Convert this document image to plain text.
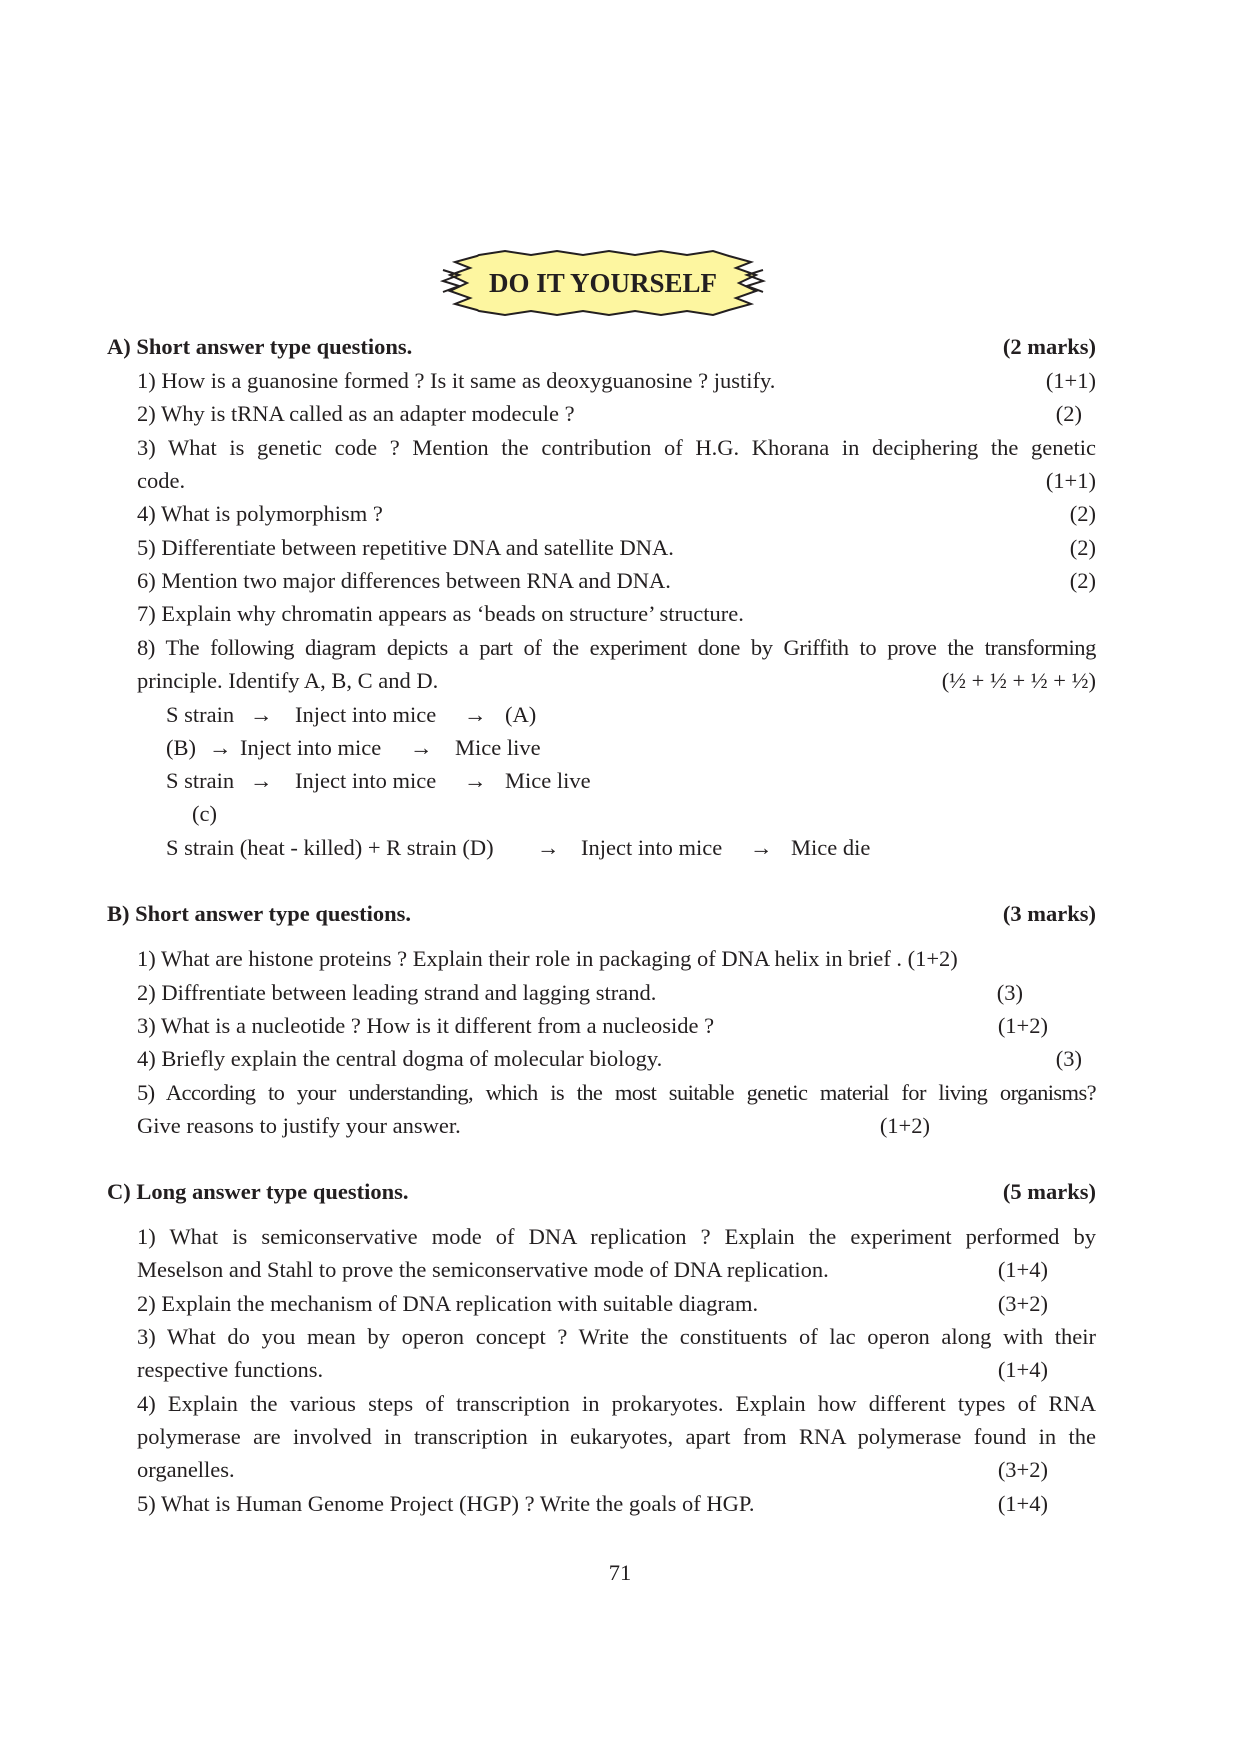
DO IT YOURSELF
A) Short answer type questions.	(2 marks)
1) How is a guanosine formed ? Is it same as deoxyguanosine ? justify.	(1+1)
2) Why is tRNA called as an adapter modecule ?	(2)
3) What is genetic code ? Mention the contribution of H.G. Khorana in deciphering the genetic
code.	(1+1)
4) What is polymorphism ?	(2)
5) Differentiate between repetitive DNA and satellite DNA.	(2)
6) Mention two major differences between RNA and DNA.	(2)
7) Explain why chromatin appears as ‘beads on structure’ structure.
8) The following diagram depicts a part of the experiment done by Griffith to prove the transforming
principle. Identify A, B, C and D.	(½ + ½ + ½ + ½)
S strain → Inject into mice → (A)
(B) → Inject into mice → Mice live
S strain → Inject into mice → Mice live
(c)
S strain (heat - killed) + R strain (D) → Inject into mice → Mice die
B) Short answer type questions.	(3 marks)
1) What are histone proteins ? Explain their role in packaging of DNA helix in brief . (1+2)
2) Diffrentiate between leading strand and lagging strand.	(3)
3) What is a nucleotide ? How is it different from a nucleoside ?	(1+2)
4) Briefly explain the central dogma of molecular biology.	(3)
5) According to your understanding, which is the most suitable genetic material for living organisms?
Give reasons to justify your answer.	(1+2)
C) Long answer type questions.	(5 marks)
1) What is semiconservative mode of DNA replication ? Explain the experiment performed by
Meselson and Stahl to prove the semiconservative mode of DNA replication.	(1+4)
2) Explain the mechanism of DNA replication with suitable diagram.	(3+2)
3) What do you mean by operon concept ? Write the constituents of lac operon along with their
respective functions.	(1+4)
4) Explain the various steps of transcription in prokaryotes. Explain how different types of RNA
polymerase are involved in transcription in eukaryotes, apart from RNA polymerase found in the
organelles.	(3+2)
5) What is Human Genome Project (HGP) ? Write the goals of HGP.	(1+4)
71
